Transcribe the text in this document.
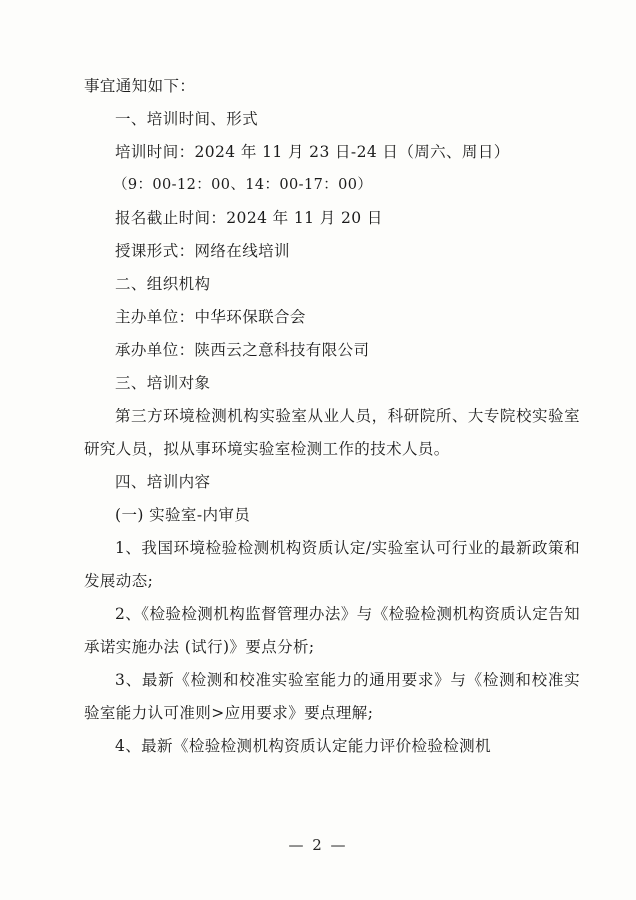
事宜通知如下：

一、培训时间、形式

培训时间：2024 年 11 月 23 日-24 日（周六、周日）

（9：00-12：00、14：00-17：00）

报名截止时间：2024 年 11 月 20 日

授课形式：网络在线培训

二、组织机构

主办单位：中华环保联合会

承办单位：陕西云之意科技有限公司

三、培训对象

第三方环境检测机构实验室从业人员，科研院所、大专院校实验室研究人员，拟从事环境实验室检测工作的技术人员。

四、培训内容

(一) 实验室-内审员

1、我国环境检验检测机构资质认定/实验室认可行业的最新政策和发展动态;

2、《检验检测机构监督管理办法》与《检验检测机构资质认定告知承诺实施办法 (试行)》要点分析;

3、最新《检测和校准实验室能力的通用要求》与《检测和校准实验室能力认可准则>应用要求》要点理解;

4、最新《检验检测机构资质认定能力评价检验检测机

— 2 —
